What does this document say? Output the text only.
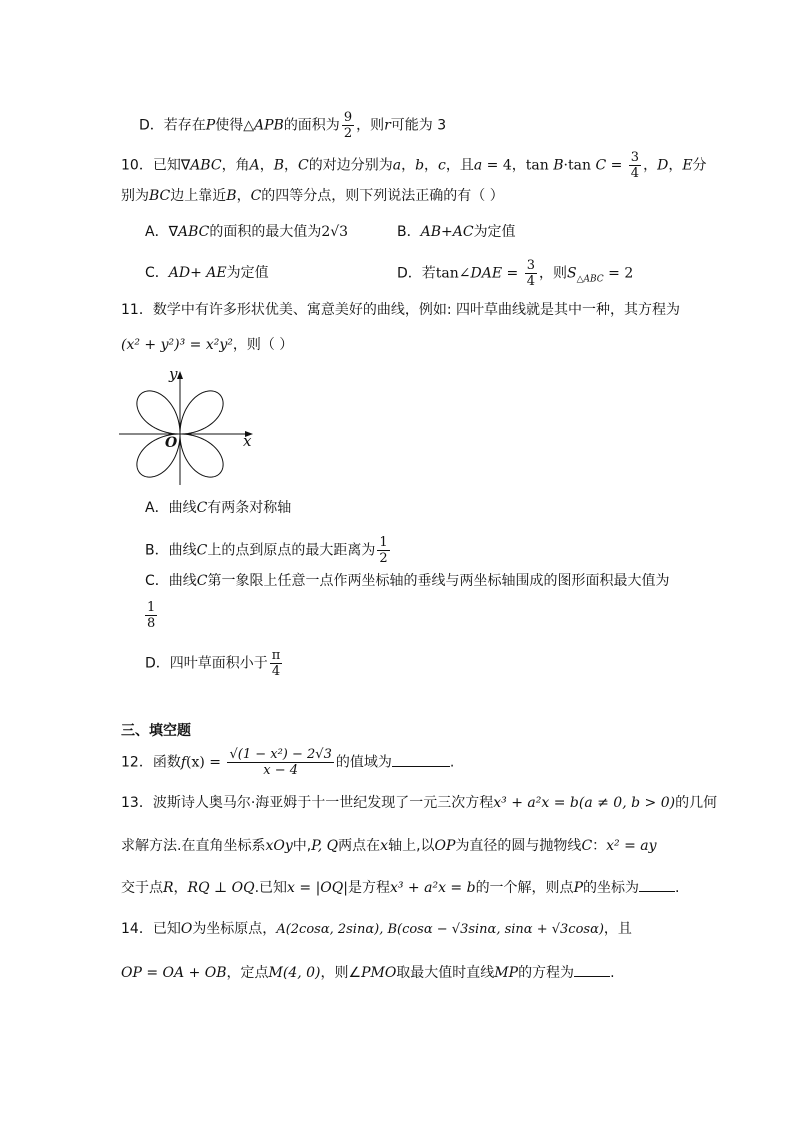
D．若存在P使得△APB的面积为 $\frac{9}{2}$ ，则r可能为 3
10．已知∇ABC，角A，B，C的对边分别为a，b，c，且a = 4，tan B·tan $C = \frac{3}{4}$ ，D，E分
别为BC边上靠近B，C的四等分点，则下列说法正确的有（ ）
A．∇ABC的面积的最大值为2√3	B．AB+AC为定值
C．AD+ AE为定值	D．若tan∠DAE = $\frac{3}{4}$ ，则$S_{\triangle ABC} = 2$
11．数学中有许多形状优美、寓意美好的曲线，例如: 四叶草曲线就是其中一种，其方程为
(x² + y²)³ = x²y²，则（ ）
y
x
O
A．曲线C有两条对称轴
B．曲线C上的点到原点的最大距离为 $\frac{1}{2}$
C．曲线C第一象限上任意一点作两坐标轴的垂线与两坐标轴围成的图形面积最大值为
$\frac{1}{8}$
D．四叶草面积小于 $\frac{\pi}{4}$
三、填空题
12．函数$f(x) = \frac{\text{√(1 − x²) − 2√3}}{x - 4}$ 的值域为	.
13．波斯诗人奥马尔·海亚姆于十一世纪发现了一元三次方程x³ + a²x = b(a ≠ 0, b > 0)的几何
求解方法.在直角坐标系xOy中,P, Q两点在x轴上,以OP为直径的圆与抛物线C：x² = ay
交于点R，RQ ⊥ OQ.已知x = |OQ|是方程x³ + a²x = b的一个解，则点P的坐标为	.
14．已知O为坐标原点，A(2cosα, 2sinα), B(cosα − √3sinα, sinα + √3cosα)，且
OP = OA + OB，定点M(4, 0)，则∠PMO取最大值时直线MP的方程为	.
